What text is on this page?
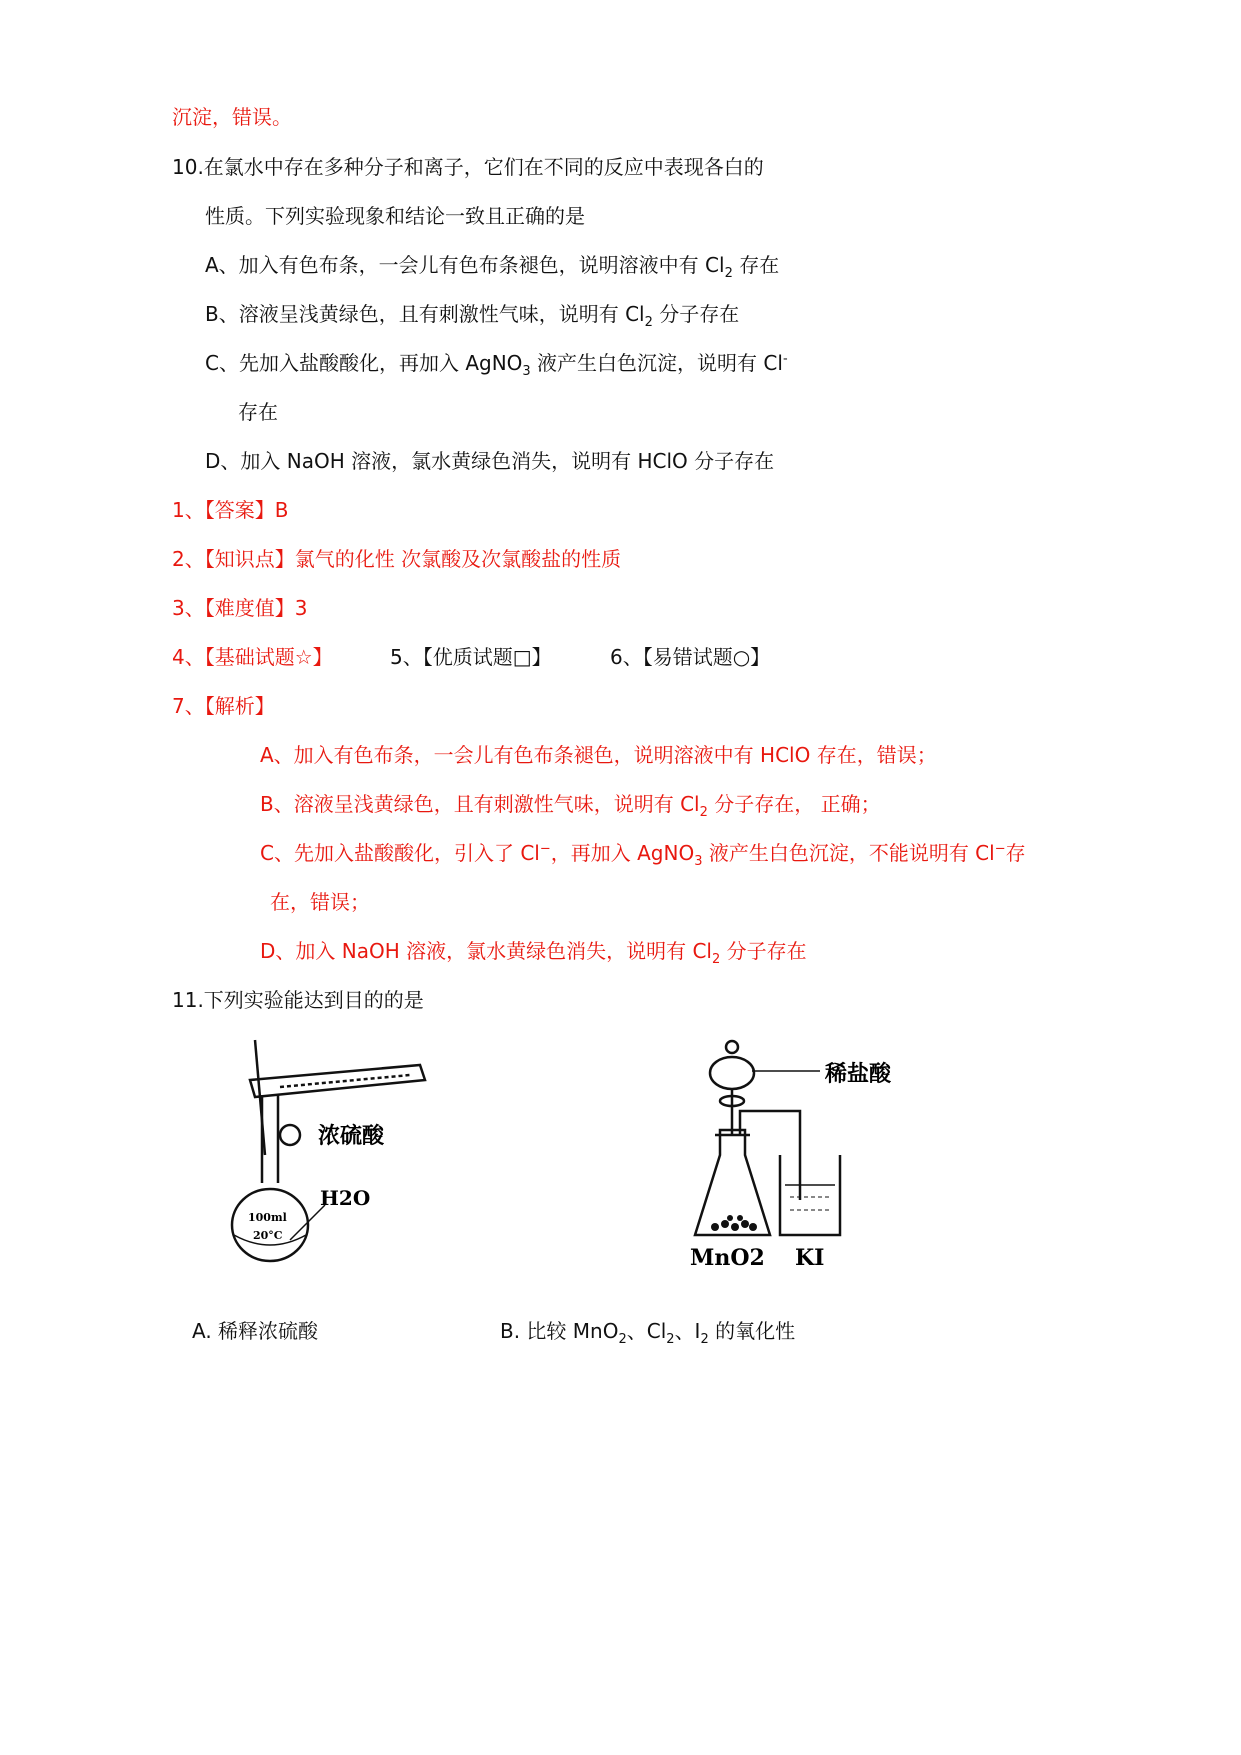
沉淀，错误。
10.在氯水中存在多种分子和离子，它们在不同的反应中表现各白的
性质。下列实验现象和结论一致且正确的是
A、加入有色布条，一会儿有色布条褪色，说明溶液中有 $Cl_2$ 存在
B、溶液呈浅黄绿色，且有刺激性气味，说明有 $Cl_2$ 分子存在
C、先加入盐酸酸化，再加入 AgNO$_3$ 液产生白色沉淀，说明有 Cl-
存在
D、加入 NaOH 溶液，氯水黄绿色消失，说明有 HClO 分子存在
1、【答案】B
2、【知识点】氯气的化性 次氯酸及次氯酸盐的性质
3、【难度值】3
4、【基础试题☆】	5、【优质试题□】	6、【易错试题○】
7、【解析】
A、加入有色布条，一会儿有色布条褪色，说明溶液中有 HClO 存在，错误；
B、溶液呈浅黄绿色，且有刺激性气味，说明有 $Cl_2$ 分子存在， 正确；
C、先加入盐酸酸化，引入了 Cl−，再加入 AgNO$_3$ 液产生白色沉淀，不能说明有 Cl−存
在，错误；
D、加入 NaOH 溶液，氯水黄绿色消失，说明有 $Cl_2$ 分子存在
11.下列实验能达到目的的是
浓硫酸
H2O
100ml
20°C
稀盐酸
MnO2 KI
A. 稀释浓硫酸	B. 比较 MnO$_2$、$Cl_2$、$I_2$ 的氧化性
